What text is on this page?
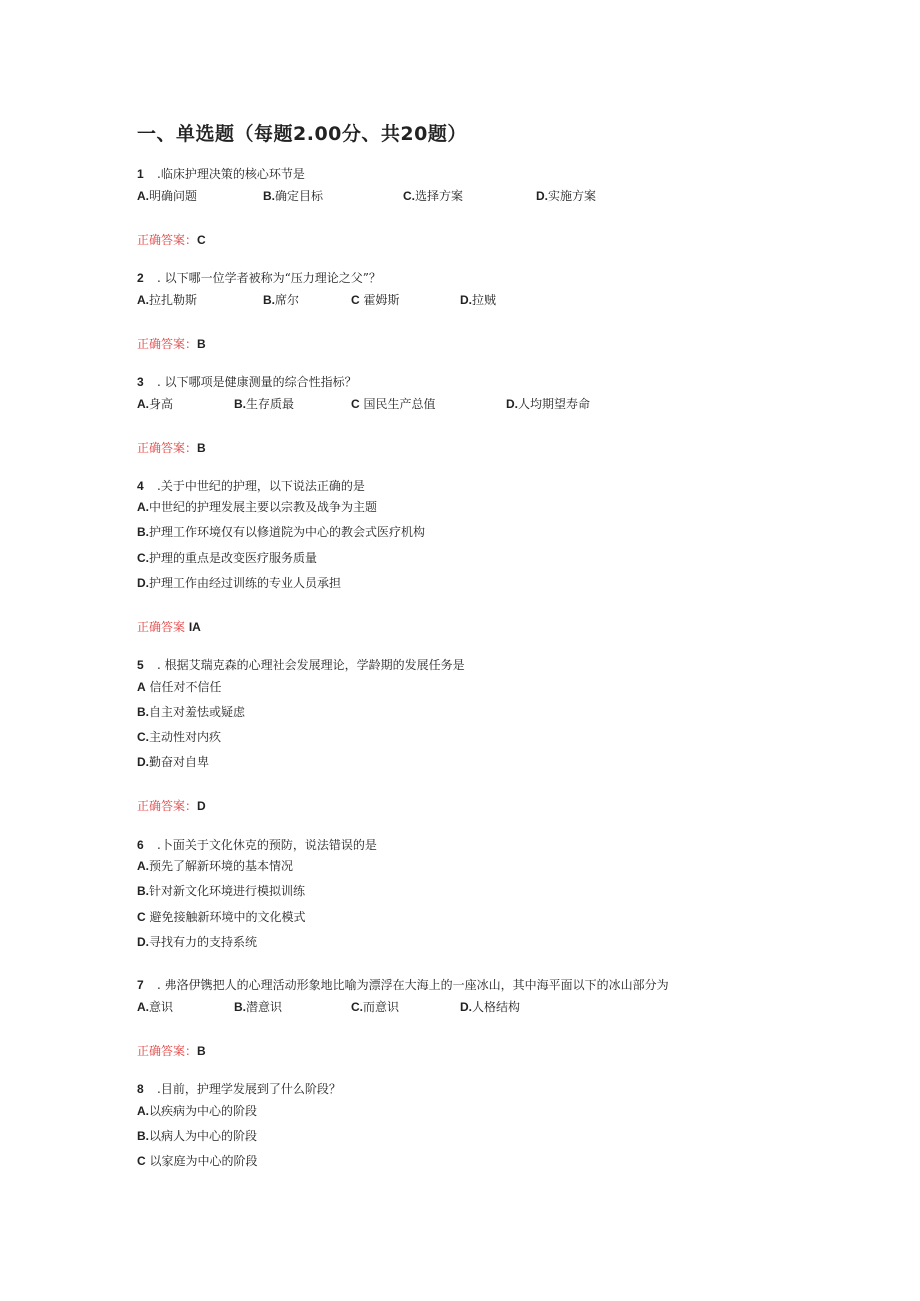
一、单选题（每题2.00分、共20题）
1 .临床护理决策的核心环节是
A.明确问题	B.确定目标	C.选择方案	D.实施方案
正确答案：C
2 . 以下哪一位学者被称为“压力理论之父”？
A.拉扎勒斯	B.席尔	C 霍姆斯	D.拉贼
正确答案：B
3 . 以下哪项是健康测量的综合性指标？
A.身高	B.生存质最	C 国民生产总值	D.人均期望寿命
正确答案：B
4 .关于中世纪的护理，以下说法正确的是
A.中世纪的护理发展主要以宗教及战争为主题
B.护理工作环境仅有以修道院为中心的教会式医疗机构
C.护理的重点是改变医疗服务质量
D.护理工作由经过训练的专业人员承担
正确答案 IA
5 . 根据艾瑞克森的心理社会发展理论，学龄期的发展任务是
A 信任对不信任
B.自主对羞怯或疑虑
C.主动性对内疚
D.勤奋对自卑
正确答案：D
6 .卜面关于文化休克的预防，说法错误的是
A.预先了解新环境的基本情况
B.针对新文化环境进行模拟训练
C 避免接触新环境中的文化模式
D.寻找有力的支持系统
7 . 弗洛伊镌把人的心理活动形象地比喻为漂浮在大海上的一座冰山，其中海平面以下的冰山部分为
A.意识	B.潜意识	C.而意识	D.人格结构
正确答案：B
8 .目前，护理学发展到了什么阶段？
A.以疾病为中心的阶段
B.以病人为中心的阶段
C 以家庭为中心的阶段
